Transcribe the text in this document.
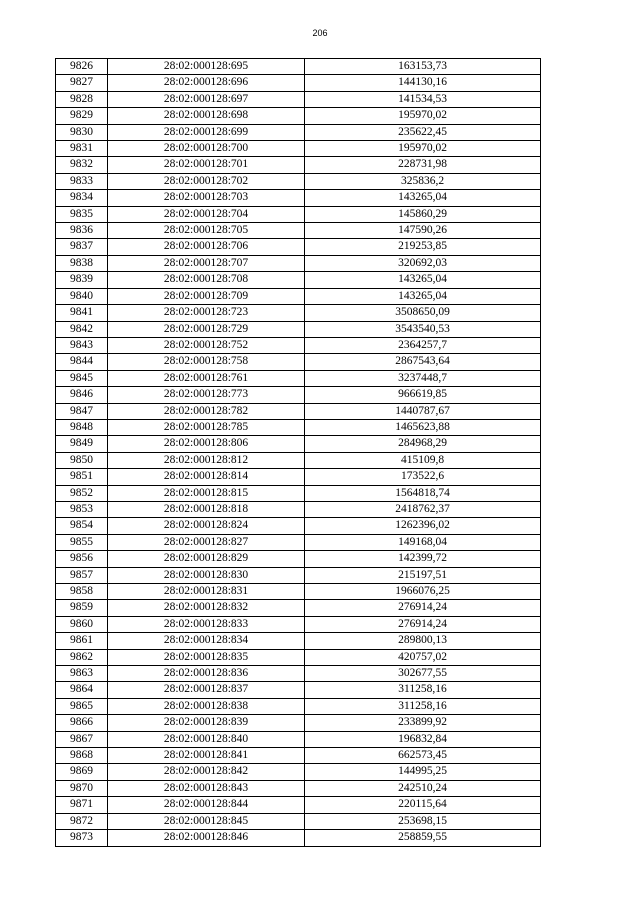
206
9826	28:02:000128:695	163153,73
9827	28:02:000128:696	144130,16
9828	28:02:000128:697	141534,53
9829	28:02:000128:698	195970,02
9830	28:02:000128:699	235622,45
9831	28:02:000128:700	195970,02
9832	28:02:000128:701	228731,98
9833	28:02:000128:702	325836,2
9834	28:02:000128:703	143265,04
9835	28:02:000128:704	145860,29
9836	28:02:000128:705	147590,26
9837	28:02:000128:706	219253,85
9838	28:02:000128:707	320692,03
9839	28:02:000128:708	143265,04
9840	28:02:000128:709	143265,04
9841	28:02:000128:723	3508650,09
9842	28:02:000128:729	3543540,53
9843	28:02:000128:752	2364257,7
9844	28:02:000128:758	2867543,64
9845	28:02:000128:761	3237448,7
9846	28:02:000128:773	966619,85
9847	28:02:000128:782	1440787,67
9848	28:02:000128:785	1465623,88
9849	28:02:000128:806	284968,29
9850	28:02:000128:812	415109,8
9851	28:02:000128:814	173522,6
9852	28:02:000128:815	1564818,74
9853	28:02:000128:818	2418762,37
9854	28:02:000128:824	1262396,02
9855	28:02:000128:827	149168,04
9856	28:02:000128:829	142399,72
9857	28:02:000128:830	215197,51
9858	28:02:000128:831	1966076,25
9859	28:02:000128:832	276914,24
9860	28:02:000128:833	276914,24
9861	28:02:000128:834	289800,13
9862	28:02:000128:835	420757,02
9863	28:02:000128:836	302677,55
9864	28:02:000128:837	311258,16
9865	28:02:000128:838	311258,16
9866	28:02:000128:839	233899,92
9867	28:02:000128:840	196832,84
9868	28:02:000128:841	662573,45
9869	28:02:000128:842	144995,25
9870	28:02:000128:843	242510,24
9871	28:02:000128:844	220115,64
9872	28:02:000128:845	253698,15
9873	28:02:000128:846	258859,55
